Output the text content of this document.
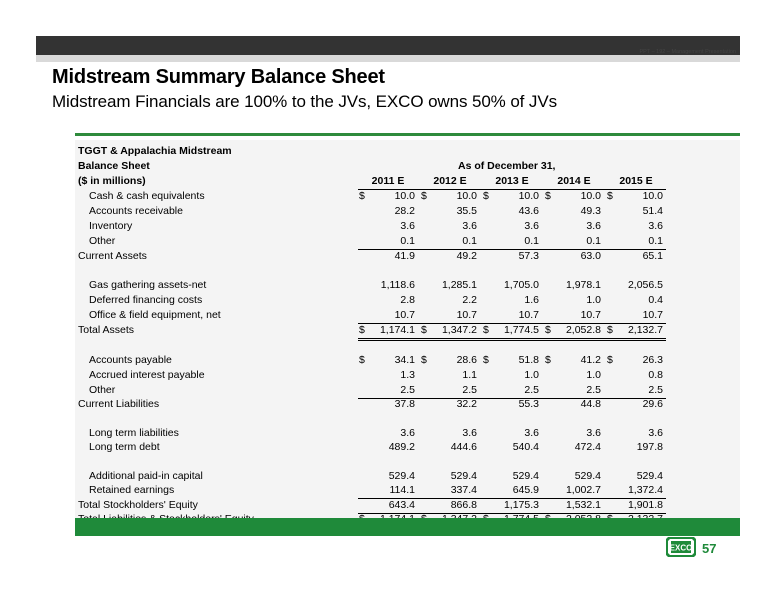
PPT – 192 – Management Presentation
Midstream Summary Balance Sheet
Midstream Financials are 100% to the JVs, EXCO owns 50% of JVs
TGGT & Appalachia Midstream
Balance Sheet	As of December 31,
($ in millions)	2011 E	2012 E	2013 E	2014 E	2015 E
Cash & cash equivalents	$	10.0 $	10.0 $	10.0 $	10.0 $	10.0
Accounts receivable	28.2	35.5	43.6	49.3	51.4
Inventory	3.6	3.6	3.6	3.6	3.6
Other	0.1	0.1	0.1	0.1	0.1
Current Assets	41.9	49.2	57.3	63.0	65.1
Gas gathering assets-net	1,118.6	1,285.1	1,705.0	1,978.1	2,056.5
Deferred financing costs	2.8	2.2	1.6	1.0	0.4
Office & field equipment, net	10.7	10.7	10.7	10.7	10.7
Total Assets	$ 1,174.1 $ 1,347.2 $ 1,774.5 $ 2,052.8 $ 2,132.7
Accounts payable	$	34.1 $	28.6 $	51.8 $	41.2 $	26.3
Accrued interest payable	1.3	1.1	1.0	1.0	0.8
Other	2.5	2.5	2.5	2.5	2.5
Current Liabilities	37.8	32.2	55.3	44.8	29.6
Long term liabilities	3.6	3.6	3.6	3.6	3.6
Long term debt	489.2	444.6	540.4	472.4	197.8
Additional paid-in capital	529.4	529.4	529.4	529.4	529.4
Retained earnings	114.1	337.4	645.9	1,002.7	1,372.4
Total Stockholders' Equity	643.4	866.8	1,175.3	1,532.1	1,901.8
EXCO 57
